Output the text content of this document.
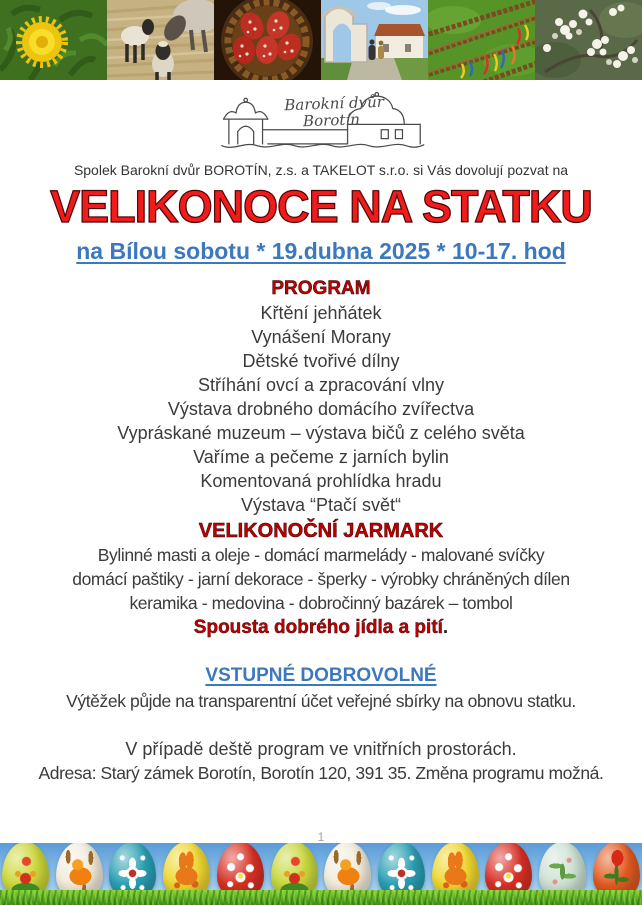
Barokní dvůr
Borotín

Spolek Barokní dvůr BOROTÍN, z.s. a TAKELOT s.r.o. si Vás dovolují pozvat na

VELIKONOCE NA STATKU
na Bílou sobotu * 19.dubna 2025 * 10-17. hod
PROGRAM
Křtění jehňátek
Vynášení Morany
Dětské tvořivé dílny
Stříhání ovcí a zpracování vlny
Výstava drobného domácího zvířectva
Vypráskané muzeum – výstava bičů z celého světa
Vaříme a pečeme z jarních bylin
Komentovaná prohlídka hradu
Výstava “Ptačí svět“
VELIKONOČNÍ JARMARK
Bylinné masti a oleje - domácí marmelády - malované svíčky
domácí paštiky - jarní dekorace - šperky - výrobky chráněných dílen
keramika - medovina - dobročinný bazárek – tombol

Spousta dobrého jídla a pití.

VSTUPNÉ DOBROVOLNÉ

Výtěžek půjde na transparentní účet veřejné sbírky na obnovu statku.

V případě deště program ve vnitřních prostorách.

Adresa: Starý zámek Borotín, Borotín 120, 391 35. Změna programu možná.

1
